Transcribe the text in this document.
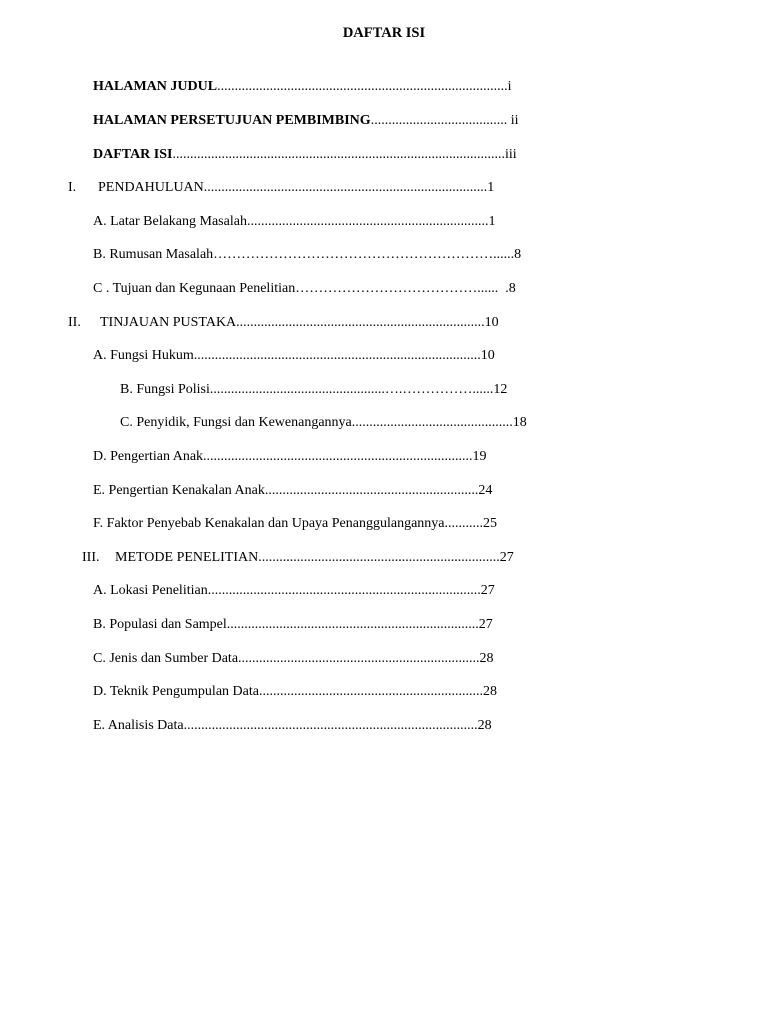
DAFTAR ISI
HALAMAN JUDUL...................................................................................i
HALAMAN PERSETUJUAN PEMBIMBING....................................... ii
DAFTAR ISI...............................................................................................iii
I. PENDAHULUAN.................................................................................1
A. Latar Belakang Masalah.....................................................................1
B. Rumusan Masalah……………………………………………………......8
C . Tujuan dan Kegunaan Penelitian…………………………………......  .8
II. TINJAUAN PUSTAKA.......................................................................10
A. Fungsi Hukum..................................................................................10
B. Fungsi Polisi..................................................….……………......12
C. Penyidik, Fungsi dan Kewenangannya..............................................18
D. Pengertian Anak.............................................................................19
E. Pengertian Kenakalan Anak.............................................................24
F. Faktor Penyebab Kenakalan dan Upaya Penanggulangannya...........25
III. METODE PENELITIAN.....................................................................27
A. Lokasi Penelitian..............................................................................27
B. Populasi dan Sampel........................................................................27
C. Jenis dan Sumber Data.....................................................................28
D. Teknik Pengumpulan Data................................................................28
E. Analisis Data....................................................................................28
